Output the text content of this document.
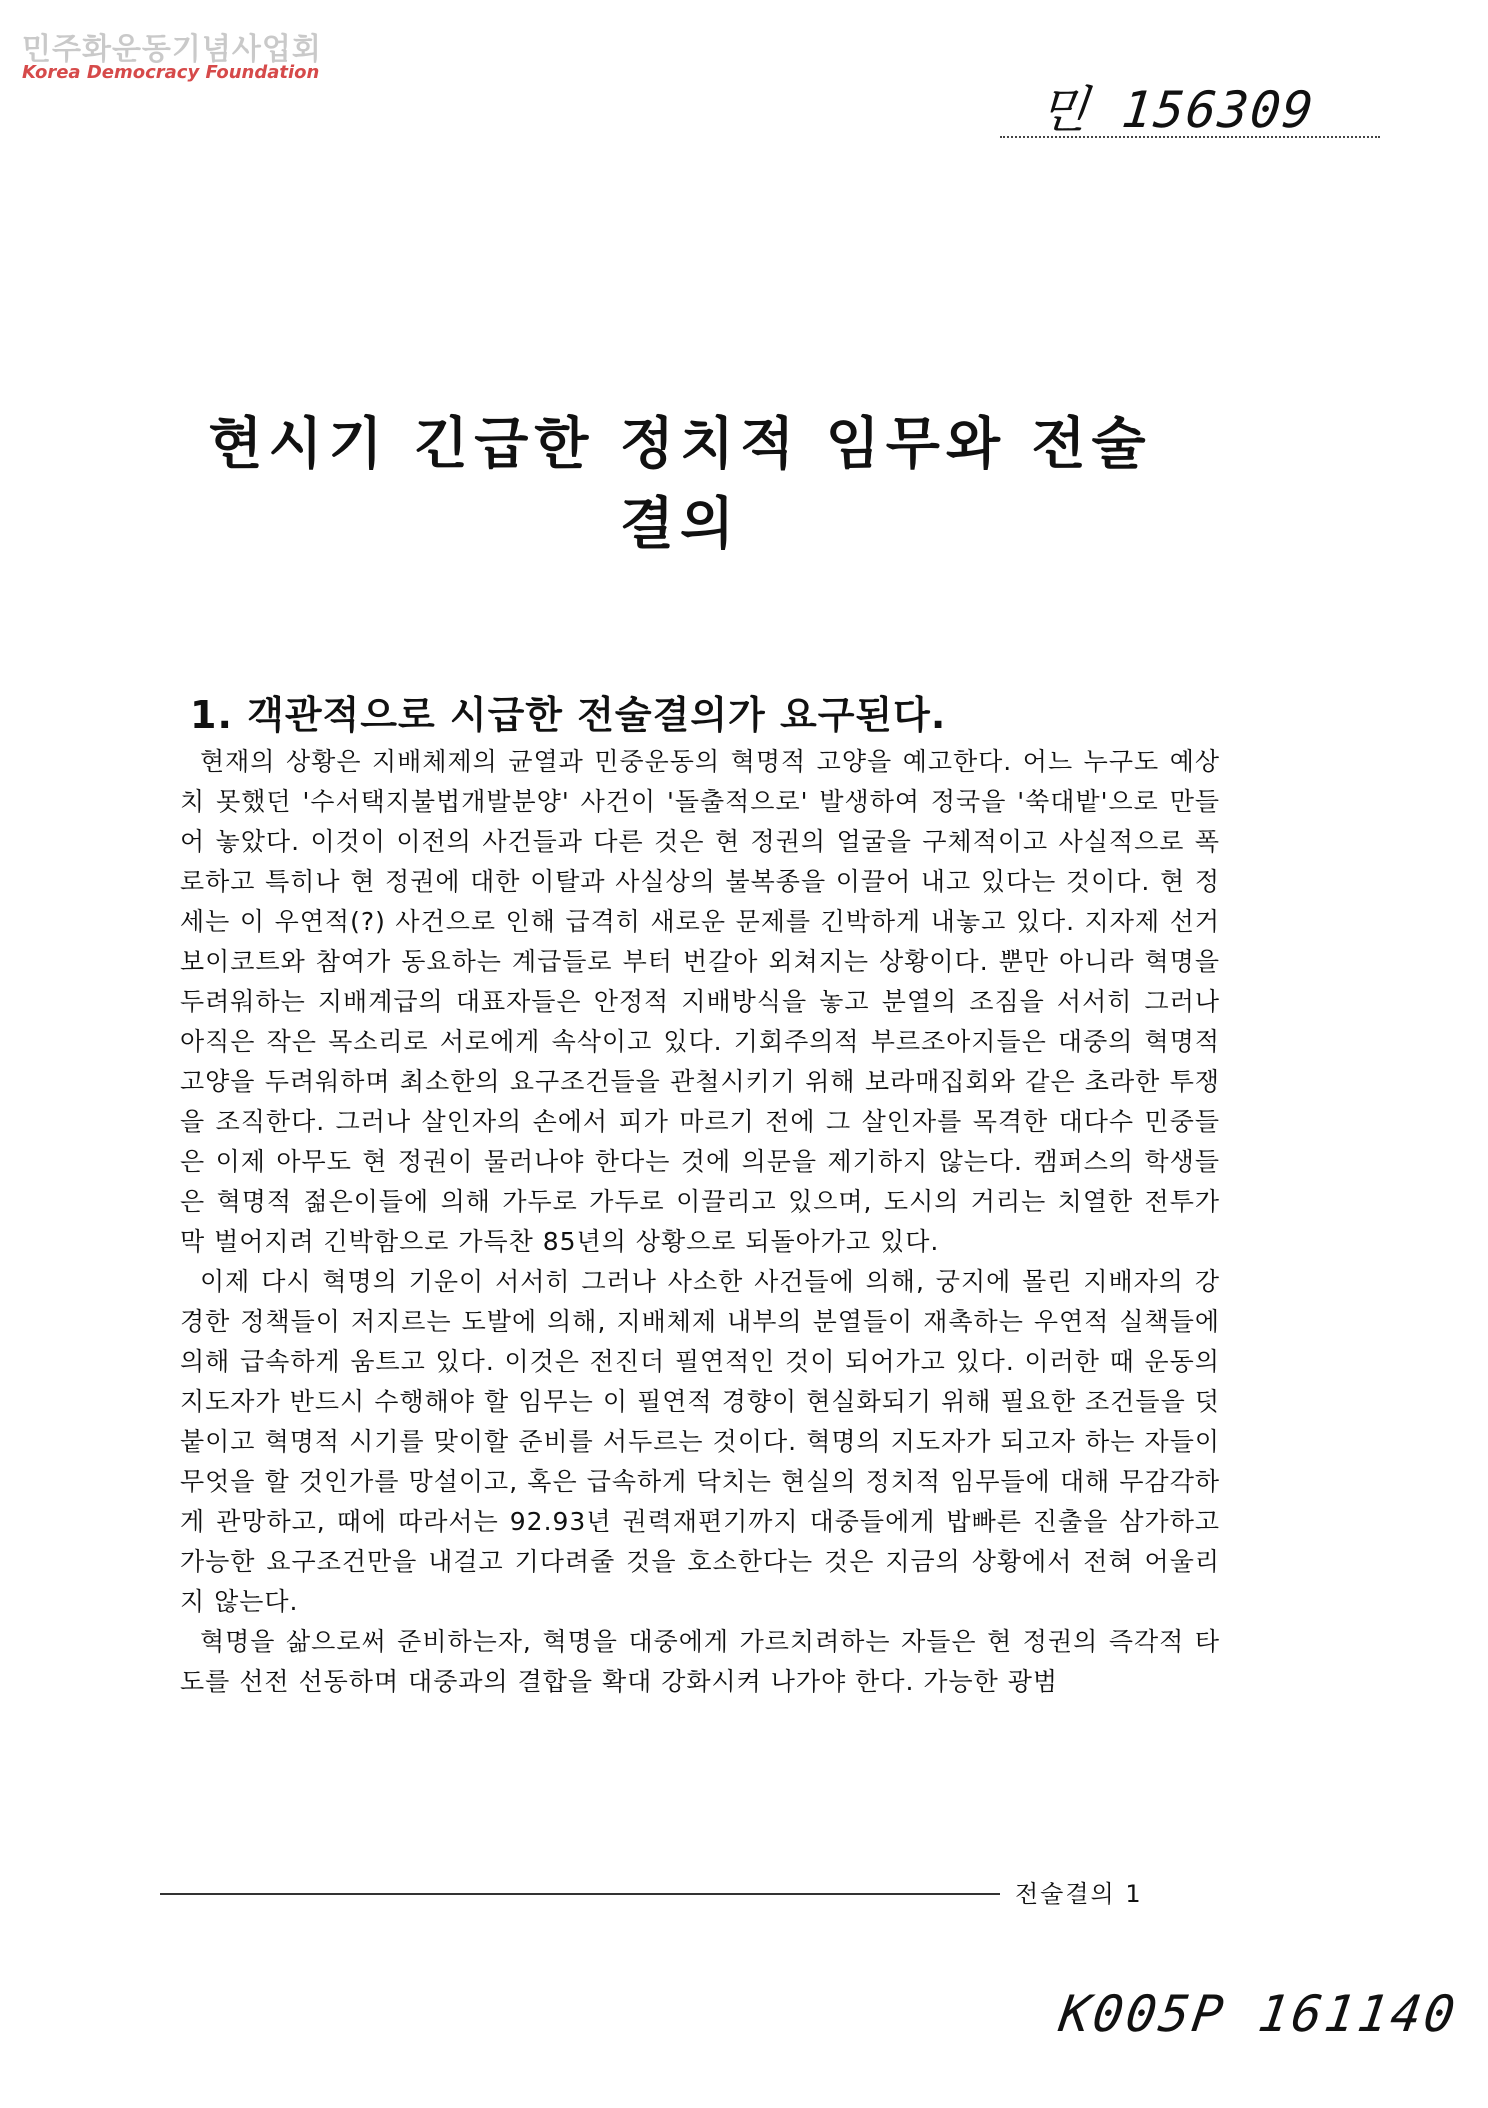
민주화운동기념사업회
Korea Democracy Foundation
민 156309
현시기 긴급한 정치적 임무와 전술결의
1. 객관적으로 시급한 전술결의가 요구된다.

현재의 상황은 지배체제의 균열과 민중운동의 혁명적 고양을 예고한다. 어느 누구도 예상치 못했던 '수서택지불법개발분양' 사건이 '돌출적으로' 발생하여 정국을 '쑥대밭'으로 만들어 놓았다. 이것이 이전의 사건들과 다른 것은 현 정권의 얼굴을 구체적이고 사실적으로 폭로하고 특히나 현 정권에 대한 이탈과 사실상의 불복종을 이끌어 내고 있다는 것이다. 현 정세는 이 우연적(?) 사건으로 인해 급격히 새로운 문제를 긴박하게 내놓고 있다. 지자제 선거 보이코트와 참여가 동요하는 계급들로 부터 번갈아 외쳐지는 상황이다. 뿐만 아니라 혁명을 두려워하는 지배계급의 대표자들은 안정적 지배방식을 놓고 분열의 조짐을 서서히 그러나 아직은 작은 목소리로 서로에게 속삭이고 있다. 기회주의적 부르조아지들은 대중의 혁명적 고양을 두려워하며 최소한의 요구조건들을 관철시키기 위해 보라매집회와 같은 초라한 투쟁을 조직한다. 그러나 살인자의 손에서 피가 마르기 전에 그 살인자를 목격한 대다수 민중들은 이제 아무도 현 정권이 물러나야 한다는 것에 의문을 제기하지 않는다. 캠퍼스의 학생들은 혁명적 젊은이들에 의해 가두로 가두로 이끌리고 있으며, 도시의 거리는 치열한 전투가 막 벌어지려 긴박함으로 가득찬 85년의 상황으로 되돌아가고 있다.

이제 다시 혁명의 기운이 서서히 그러나 사소한 사건들에 의해, 궁지에 몰린 지배자의 강경한 정책들이 저지르는 도발에 의해, 지배체제 내부의 분열들이 재촉하는 우연적 실책들에 의해 급속하게 움트고 있다. 이것은 전진더 필연적인 것이 되어가고 있다. 이러한 때 운동의 지도자가 반드시 수행해야 할 임무는 이 필연적 경향이 현실화되기 위해 필요한 조건들을 덧붙이고 혁명적 시기를 맞이할 준비를 서두르는 것이다. 혁명의 지도자가 되고자 하는 자들이 무엇을 할 것인가를 망설이고, 혹은 급속하게 닥치는 현실의 정치적 임무들에 대해 무감각하게 관망하고, 때에 따라서는 92.93년 권력재편기까지 대중들에게 밥빠른 진출을 삼가하고 가능한 요구조건만을 내걸고 기다려줄 것을 호소한다는 것은 지금의 상황에서 전혀 어울리지 않는다.

혁명을 삶으로써 준비하는자, 혁명을 대중에게 가르치려하는 자들은 현 정권의 즉각적 타도를 선전 선동하며 대중과의 결합을 확대 강화시켜 나가야 한다. 가능한 광범

전술결의 1
K005P 161140
